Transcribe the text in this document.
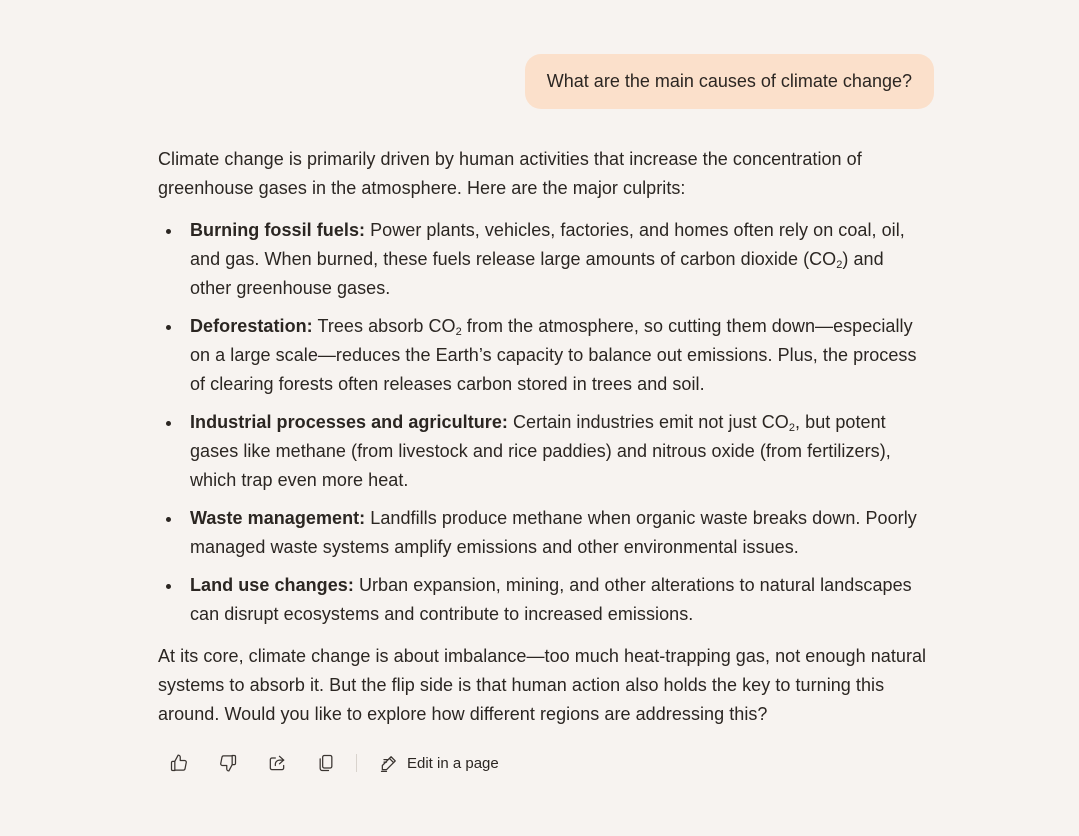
What are the main causes of climate change?

Climate change is primarily driven by human activities that increase the concentration of greenhouse gases in the atmosphere. Here are the major culprits:

Burning fossil fuels: Power plants, vehicles, factories, and homes often rely on coal, oil, and gas. When burned, these fuels release large amounts of carbon dioxide $(CO_2)$ and other greenhouse gases.
Deforestation: Trees absorb $CO_2$ from the atmosphere, so cutting them down—especially on a large scale—reduces the Earth’s capacity to balance out emissions. Plus, the process of clearing forests often releases carbon stored in trees and soil.
Industrial processes and agriculture: Certain industries emit not just $CO_2$, but potent gases like methane (from livestock and rice paddies) and nitrous oxide (from fertilizers), which trap even more heat.
Waste management: Landfills produce methane when organic waste breaks down. Poorly managed waste systems amplify emissions and other environmental issues.
Land use changes: Urban expansion, mining, and other alterations to natural landscapes can disrupt ecosystems and contribute to increased emissions.

At its core, climate change is about imbalance—too much heat-trapping gas, not enough natural systems to absorb it. But the flip side is that human action also holds the key to turning this around. Would you like to explore how different regions are addressing this?

Edit in a page
